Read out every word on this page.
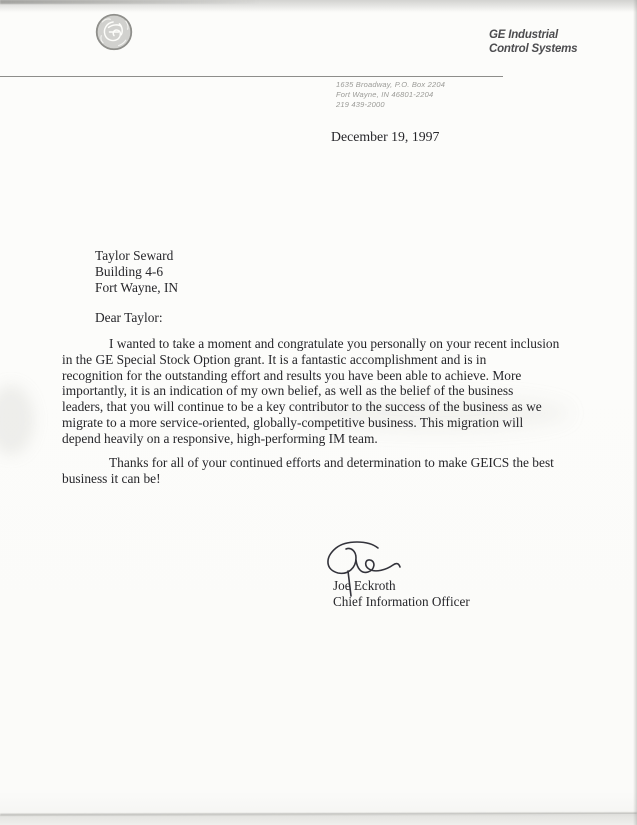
GE Industrial
Control Systems
1635 Broadway, P.O. Box 2204
Fort Wayne, IN 46801-2204
219 439-2000
December 19, 1997
Taylor Seward
Building 4-6
Fort Wayne, IN
Dear Taylor:

I wanted to take a moment and congratulate you personally on your recent inclusion
in the GE Special Stock Option grant. It is a fantastic accomplishment and is in
recognition for the outstanding effort and results you have been able to achieve. More
importantly, it is an indication of my own belief, as well as the belief of the business
leaders, that you will continue to be a key contributor to the success of the business as we
migrate to a more service-oriented, globally-competitive business. This migration will
depend heavily on a responsive, high-performing IM team.

Thanks for all of your continued efforts and determination to make GEICS the best
business it can be!

Joe Eckroth
Chief Information Officer
